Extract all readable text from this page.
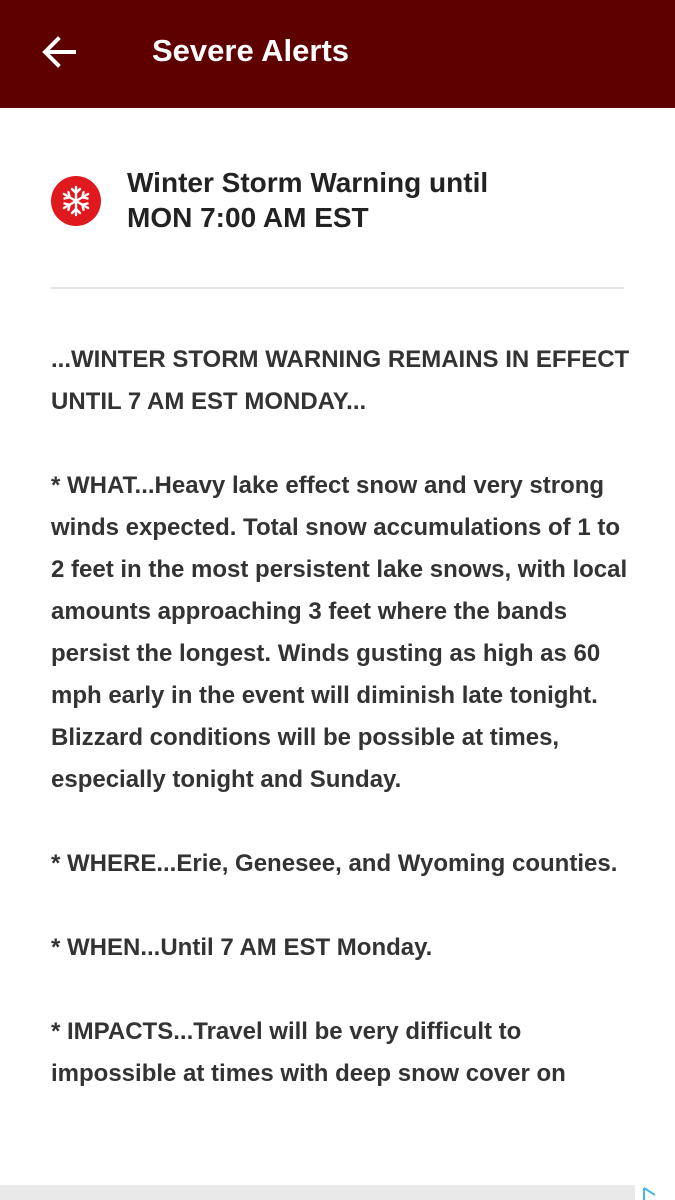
Severe Alerts
Winter Storm Warning until
MON 7:00 AM EST

...WINTER STORM WARNING REMAINS IN EFFECT UNTIL 7 AM EST MONDAY...

* WHAT...Heavy lake effect snow and very strong winds expected. Total snow accumulations of 1 to 2 feet in the most persistent lake snows, with local amounts approaching 3 feet where the bands persist the longest. Winds gusting as high as 60 mph early in the event will diminish late tonight. Blizzard conditions will be possible at times, especially tonight and Sunday.

* WHERE...Erie, Genesee, and Wyoming counties.

* WHEN...Until 7 AM EST Monday.

* IMPACTS...Travel will be very difficult to impossible at times with deep snow cover on
